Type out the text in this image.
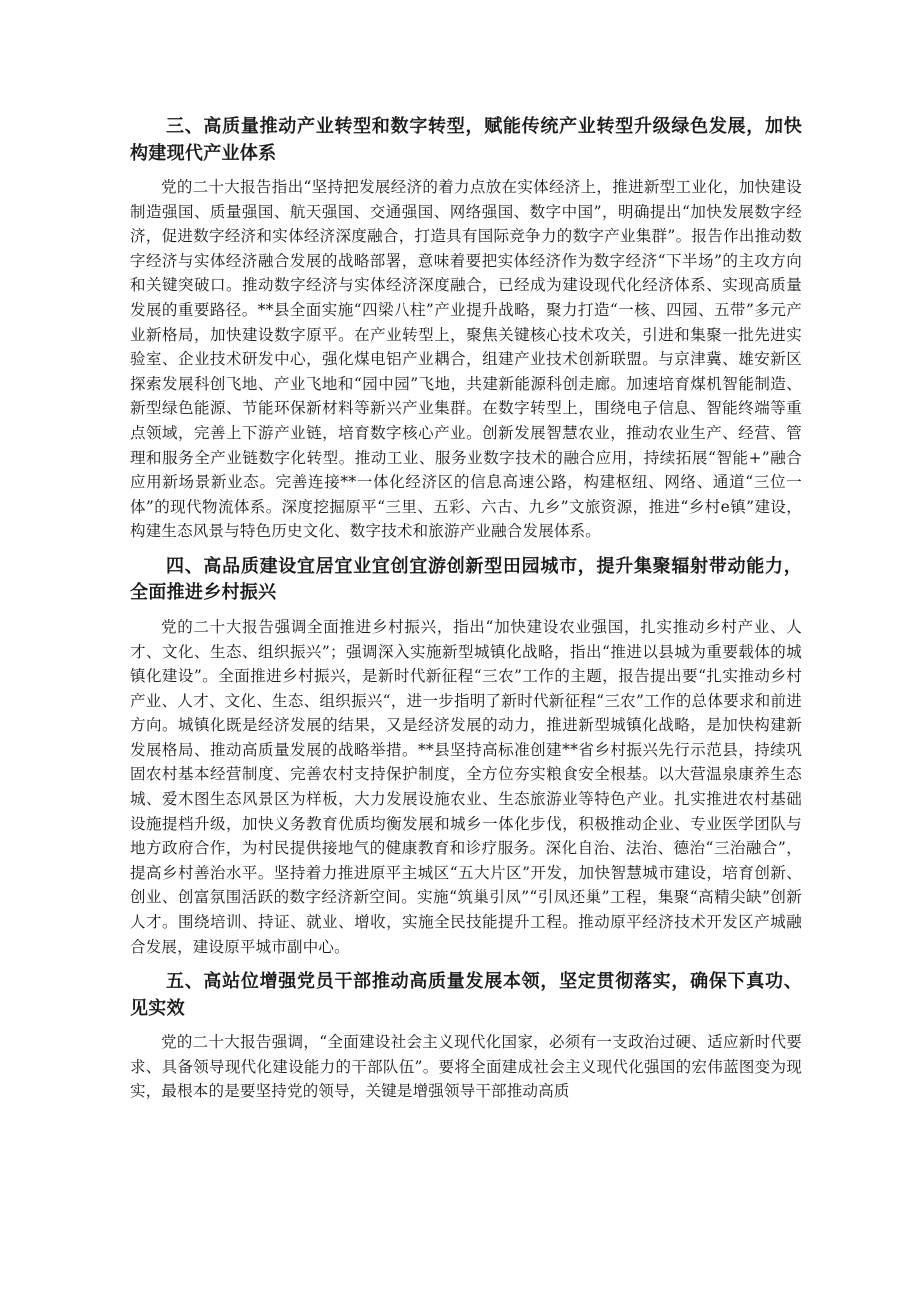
三、高质量推动产业转型和数字转型，赋能传统产业转型升级绿色发展，加快构建现代产业体系

党的二十大报告指出“坚持把发展经济的着力点放在实体经济上，推进新型工业化，加快建设制造强国、质量强国、航天强国、交通强国、网络强国、数字中国”，明确提出“加快发展数字经济，促进数字经济和实体经济深度融合，打造具有国际竞争力的数字产业集群”。报告作出推动数字经济与实体经济融合发展的战略部署，意味着要把实体经济作为数字经济“下半场”的主攻方向和关键突破口。推动数字经济与实体经济深度融合，已经成为建设现代化经济体系、实现高质量发展的重要路径。**县全面实施“四梁八柱”产业提升战略，聚力打造“一核、四园、五带”多元产业新格局，加快建设数字原平。在产业转型上，聚焦关键核心技术攻关，引进和集聚一批先进实验室、企业技术研发中心，强化煤电铝产业耦合，组建产业技术创新联盟。与京津冀、雄安新区探索发展科创飞地、产业飞地和“园中园”飞地，共建新能源科创走廊。加速培育煤机智能制造、新型绿色能源、节能环保新材料等新兴产业集群。在数字转型上，围绕电子信息、智能终端等重点领域，完善上下游产业链，培育数字核心产业。创新发展智慧农业，推动农业生产、经营、管理和服务全产业链数字化转型。推动工业、服务业数字技术的融合应用，持续拓展“智能+”融合应用新场景新业态。完善连接**一体化经济区的信息高速公路，构建枢纽、网络、通道“三位一体”的现代物流体系。深度挖掘原平“三里、五彩、六古、九乡”文旅资源，推进“乡村e镇”建设，构建生态风景与特色历史文化、数字技术和旅游产业融合发展体系。

四、高品质建设宜居宜业宜创宜游创新型田园城市，提升集聚辐射带动能力，全面推进乡村振兴

党的二十大报告强调全面推进乡村振兴，指出“加快建设农业强国，扎实推动乡村产业、人才、文化、生态、组织振兴”；强调深入实施新型城镇化战略，指出“推进以县城为重要载体的城镇化建设”。全面推进乡村振兴，是新时代新征程“三农”工作的主题，报告提出要“扎实推动乡村产业、人才、文化、生态、组织振兴“，进一步指明了新时代新征程“三农”工作的总体要求和前进方向。城镇化既是经济发展的结果，又是经济发展的动力，推进新型城镇化战略，是加快构建新发展格局、推动高质量发展的战略举措。**县坚持高标准创建**省乡村振兴先行示范县，持续巩固农村基本经营制度、完善农村支持保护制度，全方位夯实粮食安全根基。以大营温泉康养生态城、爱木图生态风景区为样板，大力发展设施农业、生态旅游业等特色产业。扎实推进农村基础设施提档升级，加快义务教育优质均衡发展和城乡一体化步伐，积极推动企业、专业医学团队与地方政府合作，为村民提供接地气的健康教育和诊疗服务。深化自治、法治、德治“三治融合”，提高乡村善治水平。坚持着力推进原平主城区“五大片区”开发，加快智慧城市建设，培育创新、创业、创富氛围活跃的数字经济新空间。实施“筑巢引凤”“引凤还巢”工程，集聚“高精尖缺”创新人才。围绕培训、持证、就业、增收，实施全民技能提升工程。推动原平经济技术开发区产城融合发展，建设原平城市副中心。

五、高站位增强党员干部推动高质量发展本领，坚定贯彻落实，确保下真功、见实效

党的二十大报告强调，“全面建设社会主义现代化国家，必须有一支政治过硬、适应新时代要求、具备领导现代化建设能力的干部队伍”。要将全面建成社会主义现代化强国的宏伟蓝图变为现实，最根本的是要坚持党的领导，关键是增强领导干部推动高质
